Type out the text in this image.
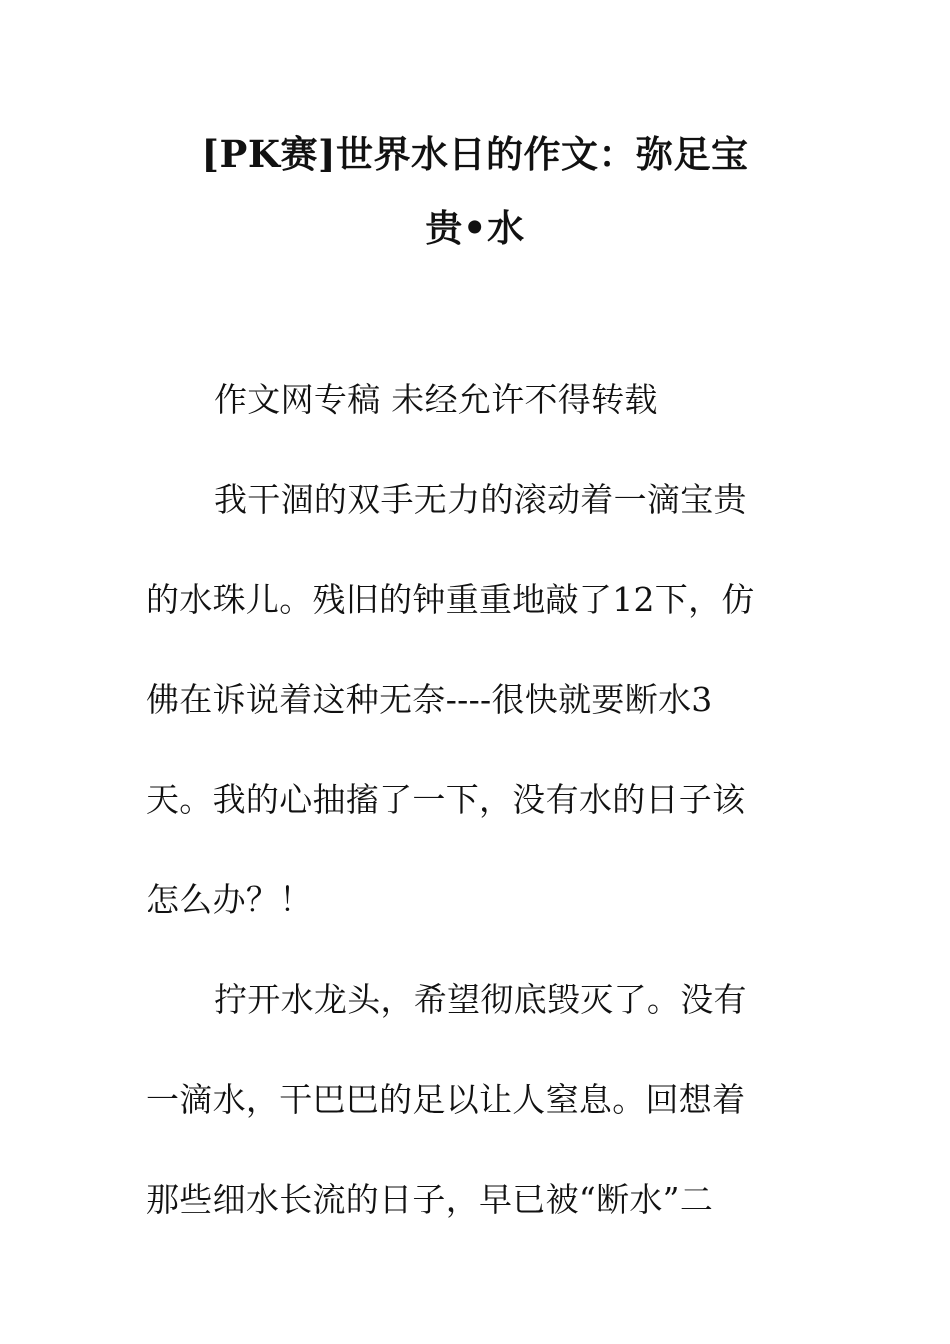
[PK赛]世界水日的作文：弥足宝
贵•水
作文网专稿 未经允许不得转载
我干涸的双手无力的滚动着一滴宝贵
的水珠儿。残旧的钟重重地敲了12下，仿
佛在诉说着这种无奈----很快就要断水3
天。我的心抽搐了一下，没有水的日子该
怎么办？！
拧开水龙头，希望彻底毁灭了。没有
一滴水，干巴巴的足以让人窒息。回想着
那些细水长流的日子，早已被“断水”二
